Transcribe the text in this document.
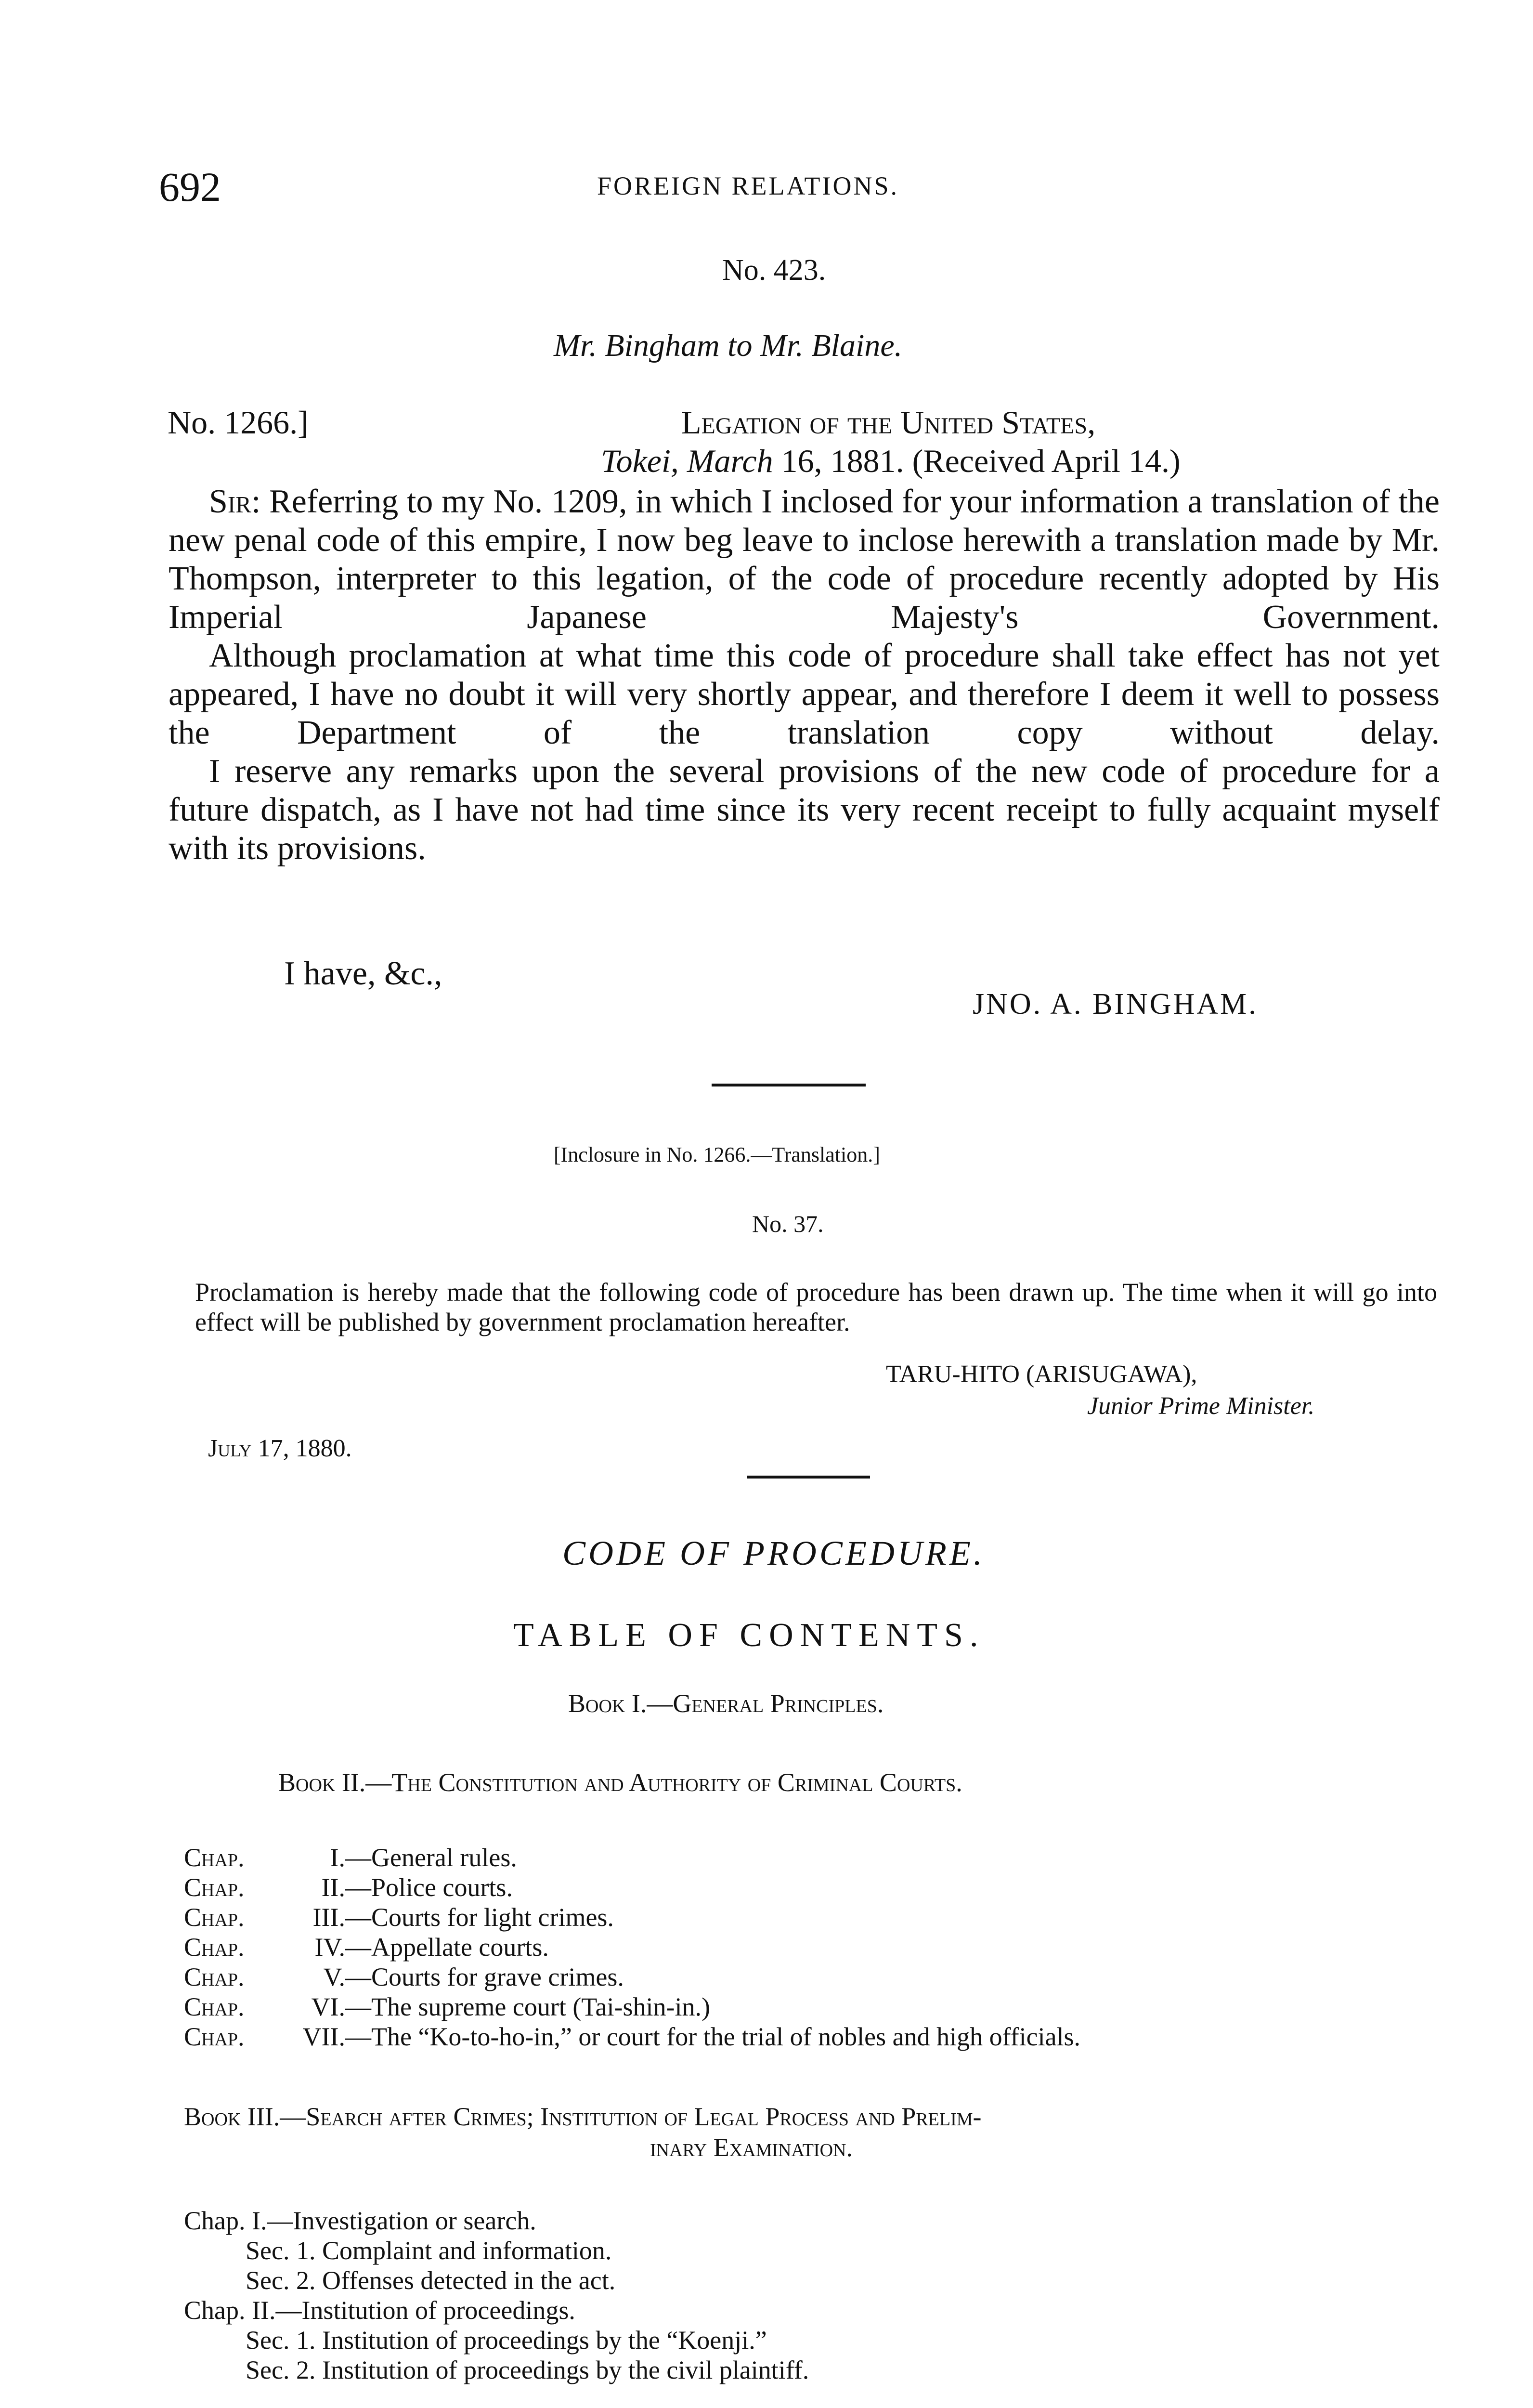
692	FOREIGN RELATIONS.
No. 423.
Mr. Bingham to Mr. Blaine.
No. 1266.]	Legation of the United States,
Tokei, March 16, 1881. (Received April 14.)

Sir: Referring to my No. 1209, in which I inclosed for your information a translation of the new penal code of this empire, I now beg leave to inclose herewith a translation made by Mr. Thompson, interpreter to this legation, of the code of procedure recently adopted by His Imperial Japanese Majesty's Government.

Although proclamation at what time this code of procedure shall take effect has not yet appeared, I have no doubt it will very shortly appear, and therefore I deem it well to possess the Department of the translation copy without delay.

I reserve any remarks upon the several provisions of the new code of procedure for a future dispatch, as I have not had time since its very recent receipt to fully acquaint myself with its provisions.

I have, &c.,
JNO. A. BINGHAM.
[Inclosure in No. 1266.—Translation.]
No. 37.

Proclamation is hereby made that the following code of procedure has been drawn up. The time when it will go into effect will be published by government proclamation hereafter.

TARU-HITO (ARISUGAWA),
Junior Prime Minister.
July 17, 1880.
CODE OF PROCEDURE.
TABLE OF CONTENTS.
Book I.—General Principles.
Book II.—The Constitution and Authority of Criminal Courts.
Chap.	I. —General rules.
Chap.	II. —Police courts.
Chap.	III. —Courts for light crimes.
Chap.	IV. —Appellate courts.
Chap.	V. —Courts for grave crimes.
Chap.	VI. —The supreme court (Tai-shin-in.)
Chap.	VII. —The “Ko-to-ho-in,” or court for the trial of nobles and high officials.
Book III.—Search after Crimes; Institution of Legal Process and Prelim-
inary Examination.
Chap. I.—Investigation or search.
Sec. 1. Complaint and information.
Sec. 2. Offenses detected in the act.
Chap. II.—Institution of proceedings.
Sec. 1. Institution of proceedings by the “Koenji.”
Sec. 2. Institution of proceedings by the civil plaintiff.
